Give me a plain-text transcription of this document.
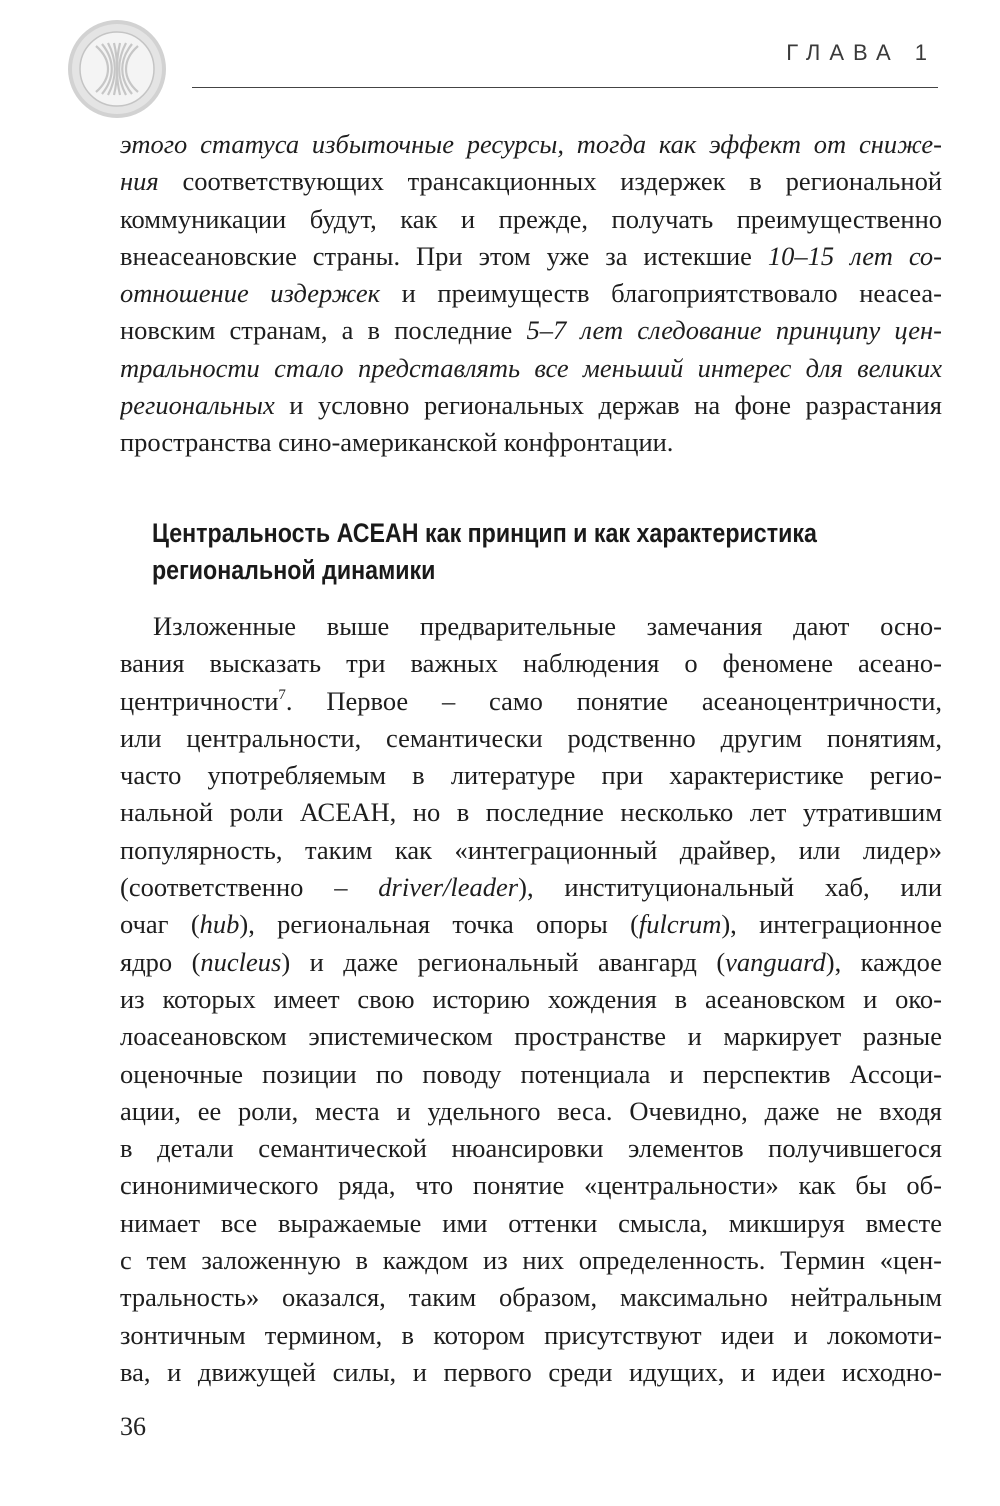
ГЛАВА 1
этого статуса избыточные ресурсы, тогда как эффект от сниже-
ния соответствующих трансакционных издержек в региональной
коммуникации будут, как и прежде, получать преимущественно
внеасеановские страны. При этом уже за истекшие 10–15 лет со-
отношение издержек и преимуществ благоприятствовало неасеа-
новским странам, а в последние 5–7 лет следование принципу цен-
тральности стало представлять все меньший интерес для великих
региональных и условно региональных держав на фоне разрастания
пространства сино-американской конфронтации.
Центральность АСЕАН как принцип и как характеристика
региональной динамики
Изложенные выше предварительные замечания дают осно-
вания высказать три важных наблюдения о феномене асеано-
центричности$^7$. Первое – само понятие асеаноцентричности,
или центральности, семантически родственно другим понятиям,
часто употребляемым в литературе при характеристике регио-
нальной роли АСЕАН, но в последние несколько лет утратившим
популярность, таким как «интеграционный драйвер, или лидер»
(соответственно – driver/leader), институциональный хаб, или
очаг (hub), региональная точка опоры (fulcrum), интеграционное
ядро (nucleus) и даже региональный авангард (vanguard), каждое
из которых имеет свою историю хождения в асеановском и око-
лоасеановском эпистемическом пространстве и маркирует разные
оценочные позиции по поводу потенциала и перспектив Ассоци-
ации, ее роли, места и удельного веса. Очевидно, даже не входя
в детали семантической нюансировки элементов получившегося
синонимического ряда, что понятие «центральности» как бы об-
нимает все выражаемые ими оттенки смысла, микшируя вместе
с тем заложенную в каждом из них определенность. Термин «цен-
тральность» оказался, таким образом, максимально нейтральным
зонтичным термином, в котором присутствуют идеи и локомоти-
ва, и движущей силы, и первого среди идущих, и идеи исходно-
36
